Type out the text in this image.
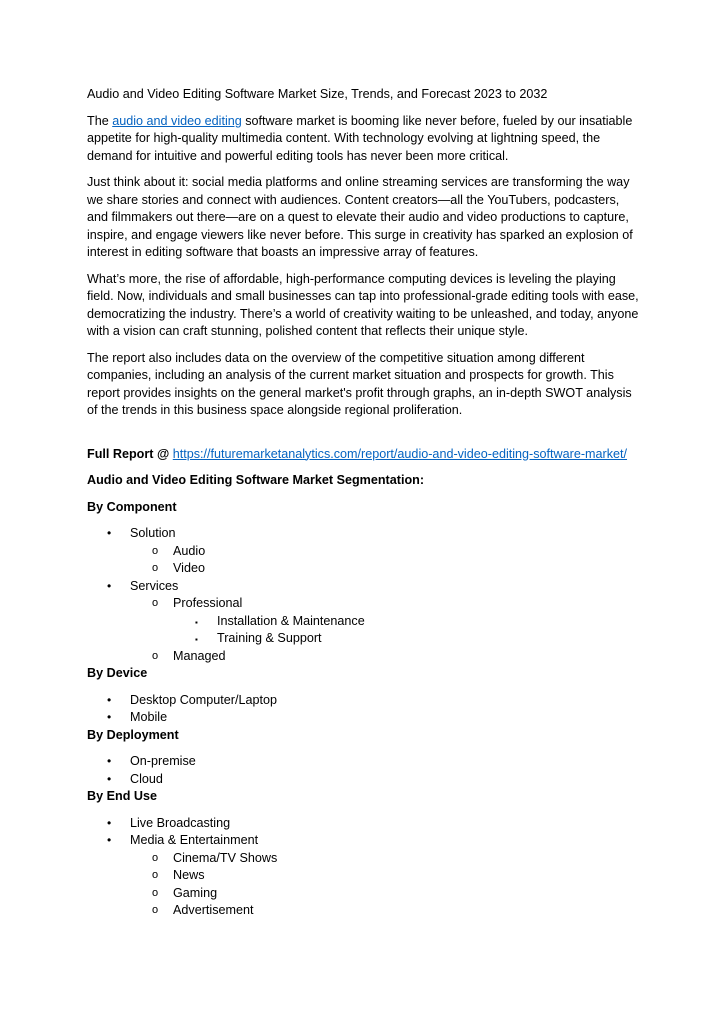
Audio and Video Editing Software Market Size, Trends, and Forecast 2023 to 2032

The audio and video editing software market is booming like never before, fueled by our insatiable appetite for high-quality multimedia content. With technology evolving at lightning speed, the demand for intuitive and powerful editing tools has never been more critical.

Just think about it: social media platforms and online streaming services are transforming the way we share stories and connect with audiences. Content creators—all the YouTubers, podcasters, and filmmakers out there—are on a quest to elevate their audio and video productions to capture, inspire, and engage viewers like never before. This surge in creativity has sparked an explosion of interest in editing software that boasts an impressive array of features.

What’s more, the rise of affordable, high-performance computing devices is leveling the playing field. Now, individuals and small businesses can tap into professional-grade editing tools with ease, democratizing the industry. There’s a world of creativity waiting to be unleashed, and today, anyone with a vision can craft stunning, polished content that reflects their unique style.

The report also includes data on the overview of the competitive situation among different companies, including an analysis of the current market situation and prospects for growth. This report provides insights on the general market's profit through graphs, an in-depth SWOT analysis of the trends in this business space alongside regional proliferation.

Full Report @ https://futuremarketanalytics.com/report/audio-and-video-editing-software-market/
Audio and Video Editing Software Market Segmentation:
By Component
• Solution
o Audio
o Video
• Services
o Professional
▪ Installation & Maintenance
▪ Training & Support
o Managed
By Device
• Desktop Computer/Laptop
• Mobile
By Deployment
• On-premise
• Cloud
By End Use
• Live Broadcasting
• Media & Entertainment
o Cinema/TV Shows
o News
o Gaming
o Advertisement
